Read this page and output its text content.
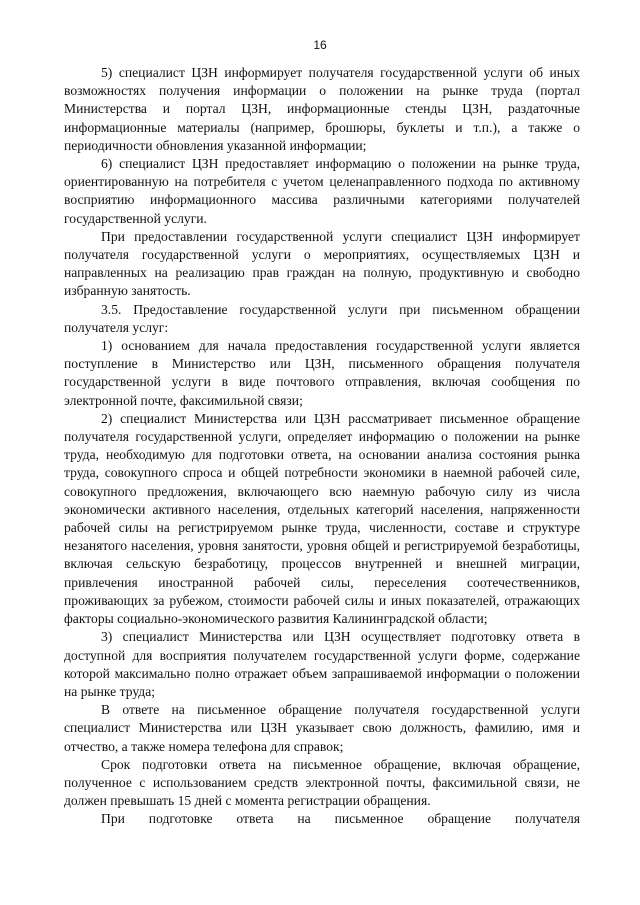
16

5) специалист ЦЗН информирует получателя государственной услуги об иных возможностях получения информации о положении на рынке труда (портал Министерства и портал ЦЗН, информационные стенды ЦЗН, раздаточные информационные материалы (например, брошюры, буклеты и т.п.), а также о периодичности обновления указанной информации;

6) специалист ЦЗН предоставляет информацию о положении на рынке труда, ориентированную на потребителя с учетом целенаправленного подхода по активному восприятию информационного массива различными категориями получателей государственной услуги.

При предоставлении государственной услуги специалист ЦЗН информирует получателя государственной услуги о мероприятиях, осуществляемых ЦЗН и направленных на реализацию прав граждан на полную, продуктивную и свободно избранную занятость.

3.5. Предоставление государственной услуги при письменном обращении получателя услуг:

1) основанием для начала предоставления государственной услуги является поступление в Министерство или ЦЗН, письменного обращения получателя государственной услуги в виде почтового отправления, включая сообщения по электронной почте, факсимильной связи;

2) специалист Министерства или ЦЗН рассматривает письменное обращение получателя государственной услуги, определяет информацию о положении на рынке труда, необходимую для подготовки ответа, на основании анализа состояния рынка труда, совокупного спроса и общей потребности экономики в наемной рабочей силе, совокупного предложения, включающего всю наемную рабочую силу из числа экономически активного населения, отдельных категорий населения, напряженности рабочей силы на регистрируемом рынке труда, численности, составе и структуре незанятого населения, уровня занятости, уровня общей и регистрируемой безработицы, включая сельскую безработицу, процессов внутренней и внешней миграции, привлечения иностранной рабочей силы, переселения соотечественников, проживающих за рубежом, стоимости рабочей силы и иных показателей, отражающих факторы социально-экономического развития Калининградской области;

3) специалист Министерства или ЦЗН осуществляет подготовку ответа в доступной для восприятия получателем государственной услуги форме, содержание которой максимально полно отражает объем запрашиваемой информации о положении на рынке труда;

В ответе на письменное обращение получателя государственной услуги специалист Министерства или ЦЗН указывает свою должность, фамилию, имя и отчество, а также номера телефона для справок;

Срок подготовки ответа на письменное обращение, включая обращение, полученное с использованием средств электронной почты, факсимильной связи, не должен превышать 15 дней с момента регистрации обращения.

При подготовке ответа на письменное обращение получателя
